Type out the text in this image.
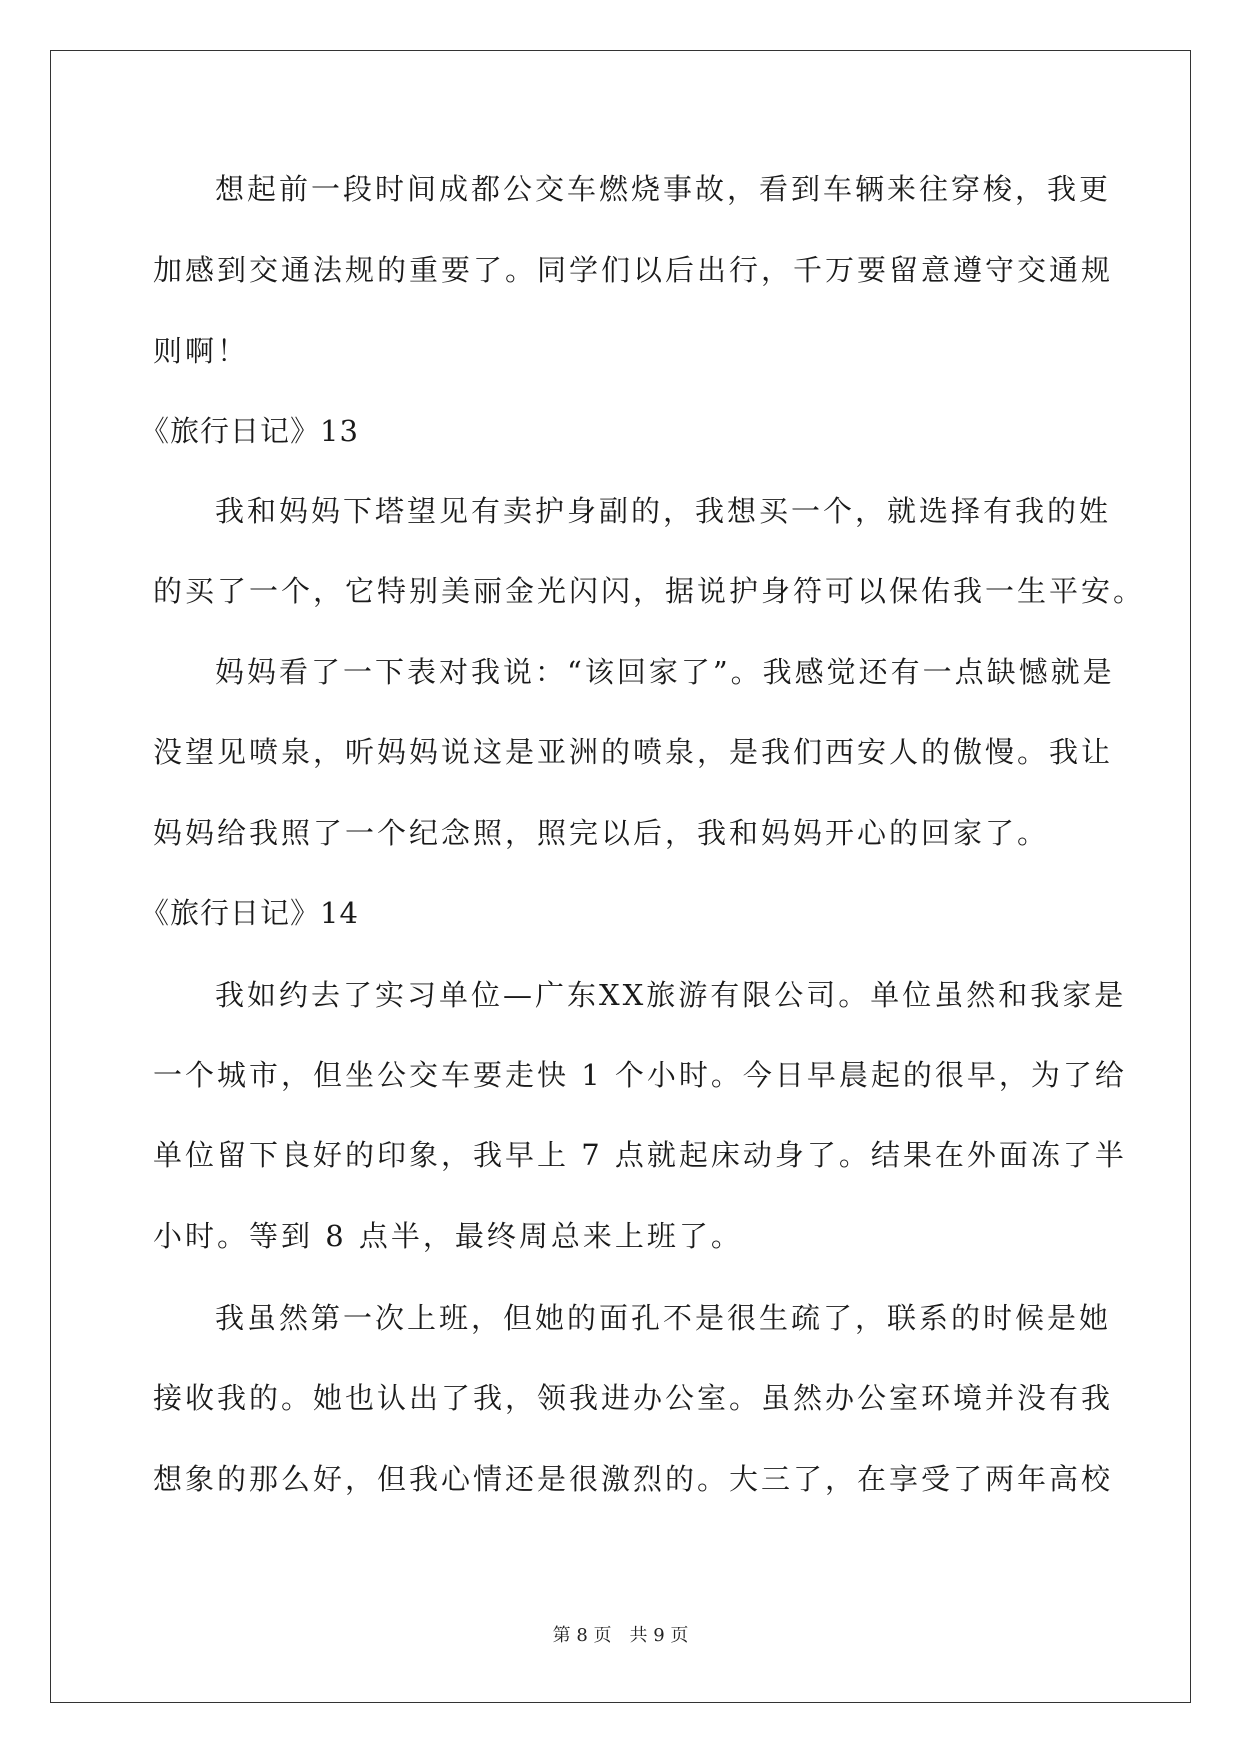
想起前一段时间成都公交车燃烧事故，看到车辆来往穿梭，我更
加感到交通法规的重要了。同学们以后出行，千万要留意遵守交通规
则啊！
《旅行日记》13
我和妈妈下塔望见有卖护身副的，我想买一个，就选择有我的姓
的买了一个，它特别美丽金光闪闪，据说护身符可以保佑我一生平安。
妈妈看了一下表对我说：“该回家了”。我感觉还有一点缺憾就是
没望见喷泉，听妈妈说这是亚洲的喷泉，是我们西安人的傲慢。我让
妈妈给我照了一个纪念照，照完以后，我和妈妈开心的回家了。
《旅行日记》14
我如约去了实习单位—广东XX旅游有限公司。单位虽然和我家是
一个城市，但坐公交车要走快 1 个小时。今日早晨起的很早，为了给
单位留下良好的印象，我早上 7 点就起床动身了。结果在外面冻了半
小时。等到 8 点半，最终周总来上班了。
我虽然第一次上班，但她的面孔不是很生疏了，联系的时候是她
接收我的。她也认出了我，领我进办公室。虽然办公室环境并没有我
想象的那么好，但我心情还是很激烈的。大三了，在享受了两年高校
第 8 页 共 9 页
